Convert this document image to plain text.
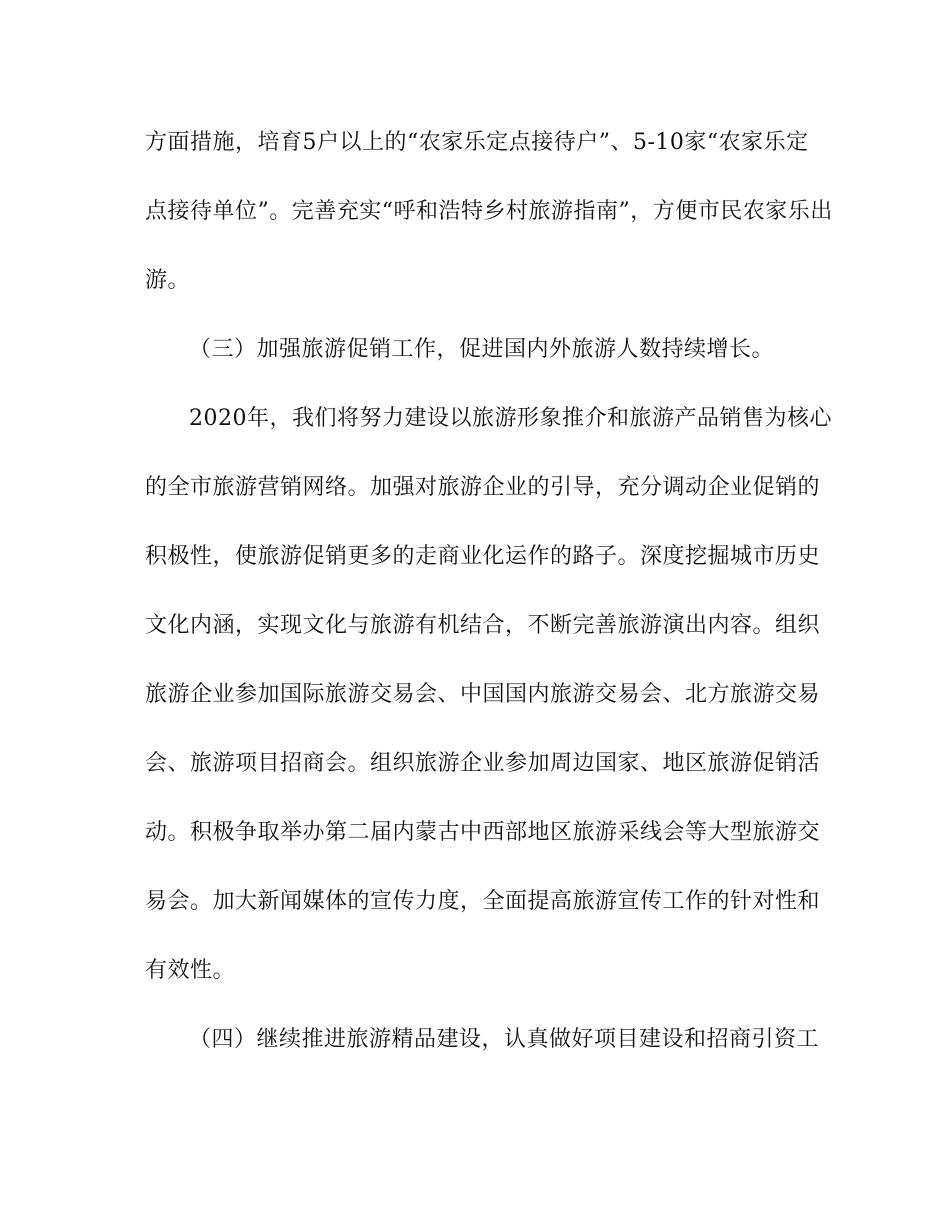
方面措施，培育5户以上的“农家乐定点接待户”、5-10家“农家乐定
点接待单位”。完善充实“呼和浩特乡村旅游指南”，方便市民农家乐出
游。
（三）加强旅游促销工作，促进国内外旅游人数持续增长。
2020年，我们将努力建设以旅游形象推介和旅游产品销售为核心
的全市旅游营销网络。加强对旅游企业的引导，充分调动企业促销的
积极性，使旅游促销更多的走商业化运作的路子。深度挖掘城市历史
文化内涵，实现文化与旅游有机结合，不断完善旅游演出内容。组织
旅游企业参加国际旅游交易会、中国国内旅游交易会、北方旅游交易
会、旅游项目招商会。组织旅游企业参加周边国家、地区旅游促销活
动。积极争取举办第二届内蒙古中西部地区旅游采线会等大型旅游交
易会。加大新闻媒体的宣传力度，全面提高旅游宣传工作的针对性和
有效性。
（四）继续推进旅游精品建设，认真做好项目建设和招商引资工
